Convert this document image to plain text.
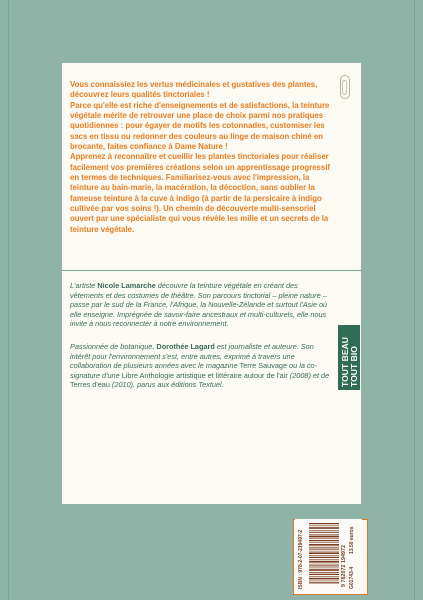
Vous connaissiez les vertus médicinales et gustatives des plantes, découvrez leurs qualités tinctoriales !
Parce qu'elle est riche d'enseignements et de satisfactions, la teinture végétale mérite de retrouver une place de choix parmi nos pratiques quotidiennes : pour égayer de motifs les cotonnades, customiser les sacs en tissu ou redonner des couleurs au linge de maison chiné en brocante, faites confiance à Dame Nature !
Apprenez à reconnaître et cueillir les plantes tinctoriales pour réaliser facilement vos premières créations selon un apprentissage progressif en termes de techniques. Familiarisez-vous avec l'impression, la teinture au bain-marie, la macération, la décoction, sans oublier la fameuse teinture à la cuve à indigo (à partir de la persicaire à indigo cultivée par vos soins !). Un chemin de découverte multi-sensoriel ouvert par une spécialiste qui vous révèle les mille et un secrets de la teinture végétale.

L'artiste Nicole Lamarche découvre la teinture végétale en créant des vêtements et des costumes de théâtre. Son parcours tinctorial – pleine nature – passe par le sud de la France, l'Afrique, la Nouvelle-Zélande et surtout l'Asie où elle enseigne. Imprégnée de savoir-faire ancestraux et multi-culturels, elle nous invite à nous reconnecter à notre environnement.

Passionnée de botanique, Dorothée Lagard est journaliste et auteure. Son intérêt pour l'environnement s'est, entre autres, exprimé à travers une collaboration de plusieurs années avec le magazine Terre Sauvage ou la co-signature d'une Libre Anthologie artistique et littéraire autour de l'air (2008) et de Terres d'eau (2010), parus aux éditions Textuel.	TOUT BEAU TOUT BIO
ISBN : 978-2-07-219497-2	9 782072 194972
13.50 euros
G01743-4
